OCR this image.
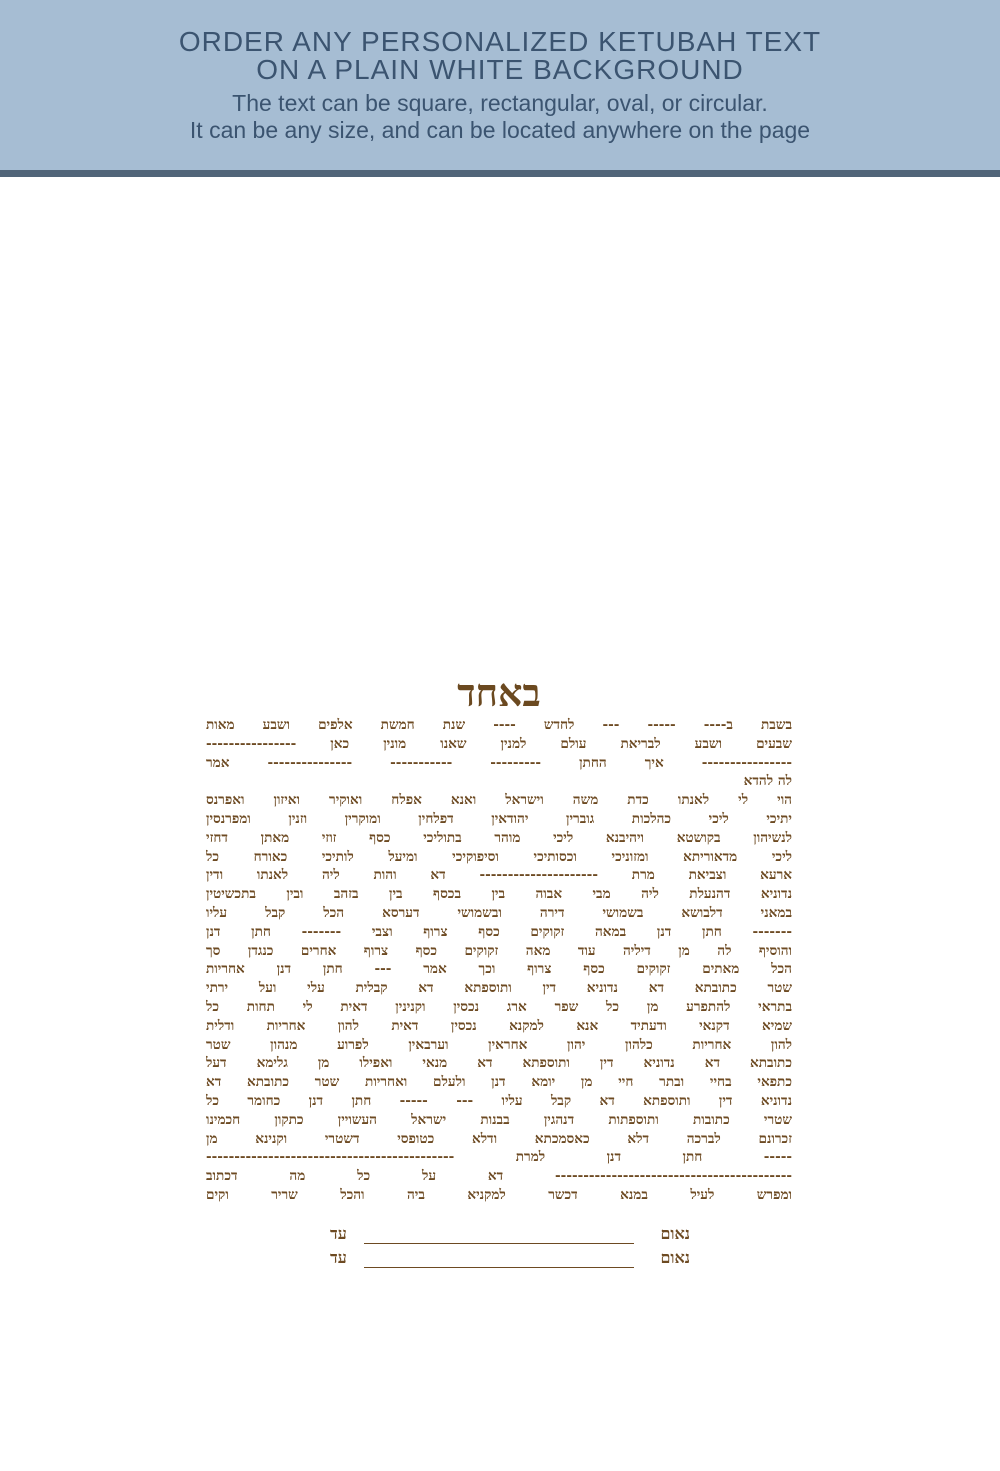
ORDER ANY PERSONALIZED KETUBAH TEXT

ON A PLAIN WHITE BACKGROUND

The text can be square, rectangular, oval, or circular.

It can be any size, and can be located anywhere on the page

באחד
בשבת ב---- ----- --- לחדש ---- שנת חמשת אלפים ושבע מאות
שבעים ושבע לבריאת עולם למנין שאנו מונין כאן ----------------
---------------- איך החתן --------- ----------- --------------- אמר
לה להדא
הוי לי לאנתו כדת משה וישראל ואנא אפלח ואוקיר ואיזון ואפרנס
יתיכי ליכי כהלכות גוברין יהודאין דפלחין ומוקרין וזנין ומפרנסין
לנשיהון בקושטא ויהיבנא ליכי מוהר בתוליכי כסף זוזי מאתן דחזי
ליכי מדאוריתא ומזוניכי וכסותיכי וסיפוקיכי ומיעל לותיכי כאורח כל
ארעא וצביאת מרת --------------------- דא והות ליה לאנתו ודין
נדוניא דהנעלת ליה מבי אבוה בין בכסף בין בזהב ובין בתכשיטין
במאני דלבושא בשמושי דירה ובשמושי דערסא הכל קבל עליו
------- חתן דנן במאה זקוקים כסף צרוף וצבי ------- חתן דנן
והוסיף לה מן דיליה עוד מאה זקוקים כסף צרוף אחרים כנגדן סך
הכל מאתים זקוקים כסף צרוף וכך אמר --- חתן דנן אחריות
שטר כתובתא דא נדוניא דין ותוספתא דא קבלית עלי ועל ירתי
בתראי להתפרע מן כל שפר ארג נכסין וקנינין דאית לי תחות כל
שמיא דקנאי ודעתיד אנא למקנא נכסין דאית להון אחריות ודלית
להון אחריות כלהון יהון אחראין וערבאין לפרוע מנהון שטר
כתובתא דא נדוניא דין ותוספתא דא מנאי ואפילו מן גלימא דעל
כתפאי בחיי ובתר חיי מן יומא דנן ולעלם ואחריות שטר כתובתא דא
נדוניא דין ותוספתא דא קבל עליו --- ----- חתן דנן כחומר כל
שטרי כתובות ותוספתות דנהגין בבנות ישראל העשויין כתקון חכמינו
זכרונם לברכה דלא כאסמכתא ודלא כטופסי דשטרי וקנינא מן
----- חתן דנן למרת --------------------------------------------
------------------------------------------ דא על כל מה דכתוב
ומפרש לעיל במנא דכשר למקניא ביה והכל שריר וקים
נאום
עד
נאום
עד
